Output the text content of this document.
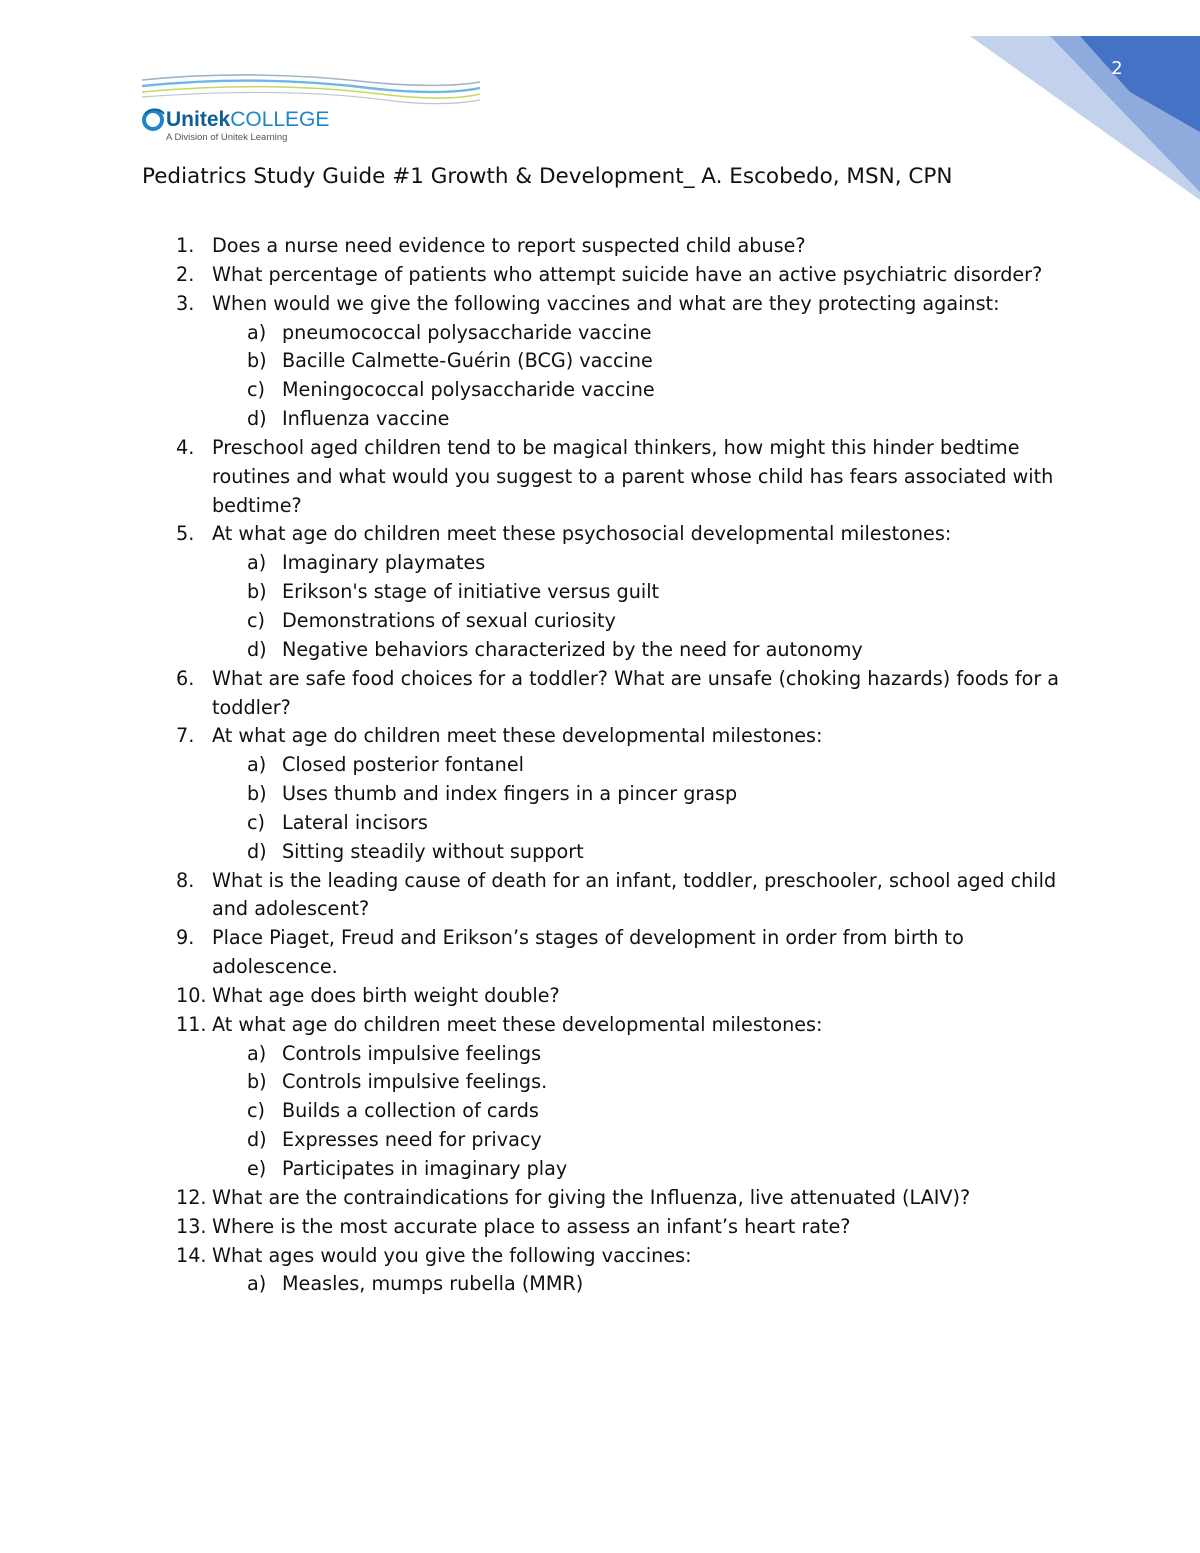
2
UnitekCOLLEGE
A Division of Unitek Learning
Pediatrics Study Guide #1 Growth & Development_ A. Escobedo, MSN, CPN
1. Does a nurse need evidence to report suspected child abuse?
2. What percentage of patients who attempt suicide have an active psychiatric disorder?
3. When would we give the following vaccines and what are they protecting against:
a) pneumococcal polysaccharide vaccine
b) Bacille Calmette-Guérin (BCG) vaccine
c) Meningococcal polysaccharide vaccine
d) Influenza vaccine
4. Preschool aged children tend to be magical thinkers, how might this hinder bedtime routines and what would you suggest to a parent whose child has fears associated with bedtime?
5. At what age do children meet these psychosocial developmental milestones:
a) Imaginary playmates
b) Erikson's stage of initiative versus guilt
c) Demonstrations of sexual curiosity
d) Negative behaviors characterized by the need for autonomy
6. What are safe food choices for a toddler? What are unsafe (choking hazards) foods for a toddler?
7. At what age do children meet these developmental milestones:
a) Closed posterior fontanel
b) Uses thumb and index fingers in a pincer grasp
c) Lateral incisors
d) Sitting steadily without support
8. What is the leading cause of death for an infant, toddler, preschooler, school aged child and adolescent?
9. Place Piaget, Freud and Erikson’s stages of development in order from birth to adolescence.
10. What age does birth weight double?
11. At what age do children meet these developmental milestones:
a) Controls impulsive feelings
b) Controls impulsive feelings.
c) Builds a collection of cards
d) Expresses need for privacy
e) Participates in imaginary play
12. What are the contraindications for giving the Influenza, live attenuated (LAIV)?
13. Where is the most accurate place to assess an infant’s heart rate?
14. What ages would you give the following vaccines:
a) Measles, mumps rubella (MMR)
